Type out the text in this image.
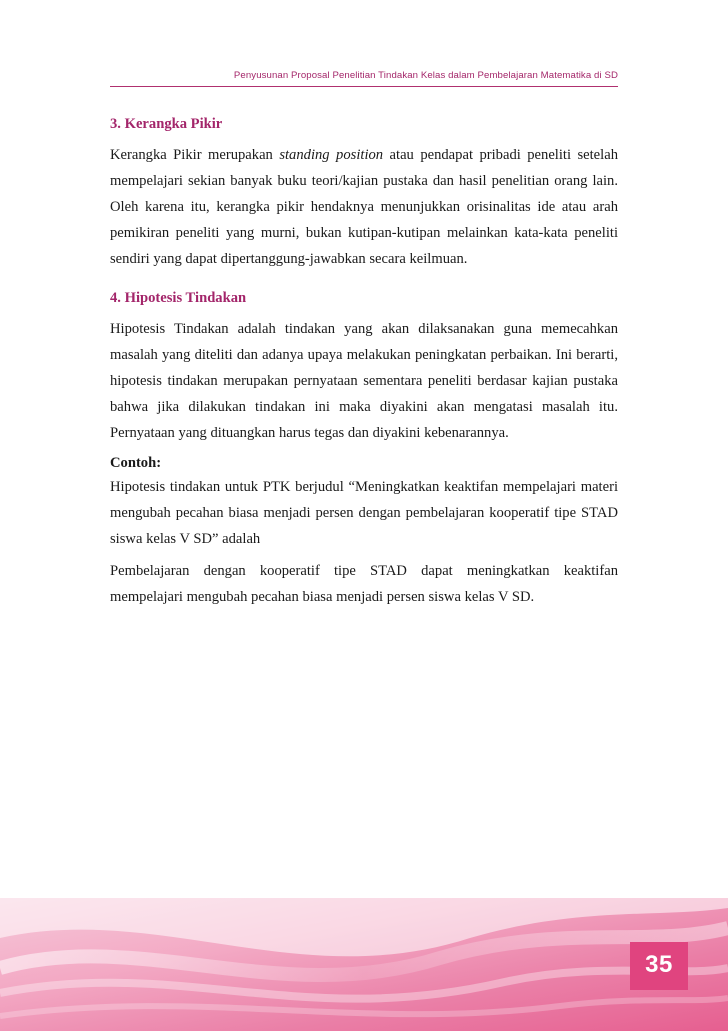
Penyusunan Proposal Penelitian Tindakan Kelas dalam Pembelajaran Matematika di SD
3. Kerangka Pikir

Kerangka Pikir merupakan standing position atau pendapat pribadi peneliti setelah mempelajari sekian banyak buku teori/kajian pustaka dan hasil penelitian orang lain. Oleh karena itu, kerangka pikir hendaknya menunjukkan orisinalitas ide atau arah pemikiran peneliti yang murni, bukan kutipan-kutipan melainkan kata-kata peneliti sendiri yang dapat dipertanggung-jawabkan secara keilmuan.

4. Hipotesis Tindakan

Hipotesis Tindakan adalah tindakan yang akan dilaksanakan guna memecahkan masalah yang diteliti dan adanya upaya melakukan peningkatan perbaikan. Ini berarti, hipotesis tindakan merupakan pernyataan sementara peneliti berdasar kajian pustaka bahwa jika dilakukan tindakan ini maka diyakini akan mengatasi masalah itu. Pernyataan yang dituangkan harus tegas dan diyakini kebenarannya.

Contoh:

Hipotesis tindakan untuk PTK berjudul “Meningkatkan keaktifan mempelajari materi mengubah pecahan biasa menjadi persen dengan pembelajaran kooperatif tipe STAD siswa kelas V SD” adalah

Pembelajaran dengan kooperatif tipe STAD dapat meningkatkan keaktifan mempelajari mengubah pecahan biasa menjadi persen siswa kelas V SD.

35
